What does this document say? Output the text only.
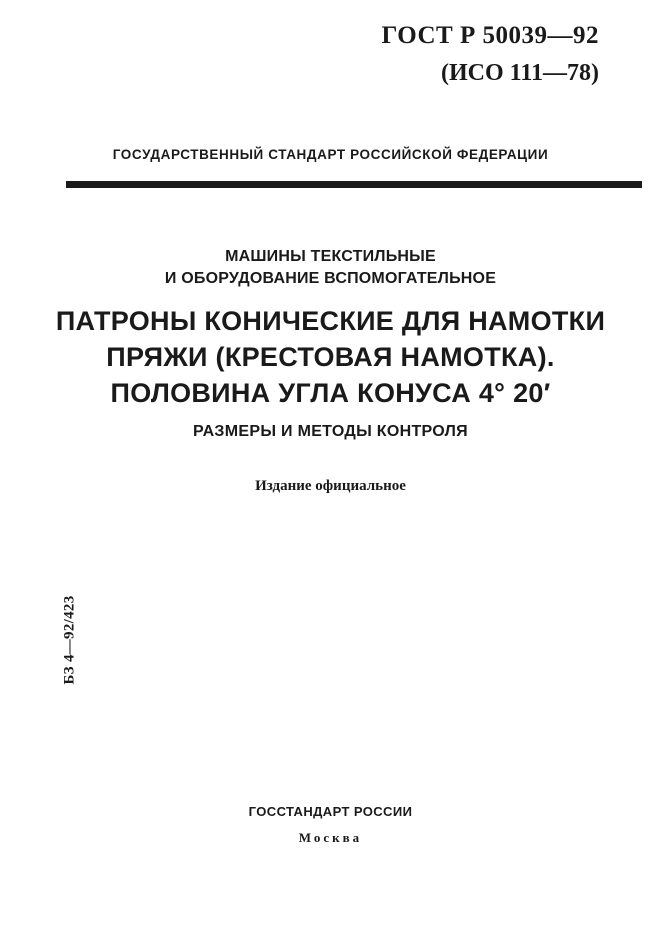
ГОСТ Р 50039—92
(ИСО 111—78)
ГОСУДАРСТВЕННЫЙ СТАНДАРТ РОССИЙСКОЙ ФЕДЕРАЦИИ
МАШИНЫ ТЕКСТИЛЬНЫЕ
И ОБОРУДОВАНИЕ ВСПОМОГАТЕЛЬНОЕ
ПАТРОНЫ КОНИЧЕСКИЕ ДЛЯ НАМОТКИ
ПРЯЖИ (КРЕСТОВАЯ НАМОТКА).
ПОЛОВИНА УГЛА КОНУСА 4° 20′
РАЗМЕРЫ И МЕТОДЫ КОНТРОЛЯ
Издание официальное
БЗ 4—92/423
ГОССТАНДАРТ РОССИИ
Москва
